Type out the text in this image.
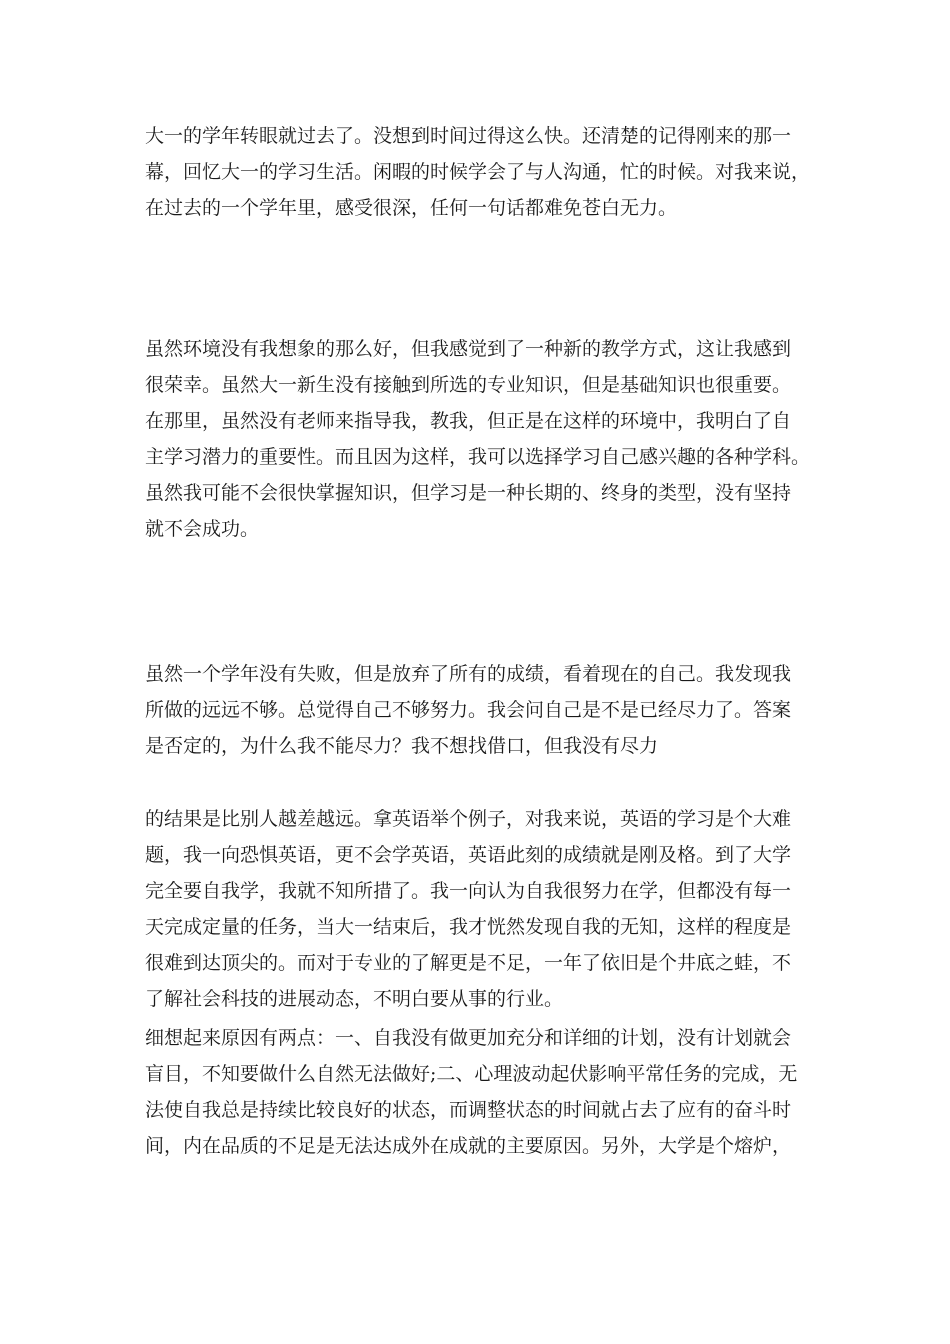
大一的学年转眼就过去了。没想到时间过得这么快。还清楚的记得刚来的那一
幕，回忆大一的学习生活。闲暇的时候学会了与人沟通，忙的时候。对我来说，
在过去的一个学年里，感受很深，任何一句话都难免苍白无力。

虽然环境没有我想象的那么好，但我感觉到了一种新的教学方式，这让我感到
很荣幸。虽然大一新生没有接触到所选的专业知识，但是基础知识也很重要。
在那里，虽然没有老师来指导我，教我，但正是在这样的环境中，我明白了自
主学习潜力的重要性。而且因为这样，我可以选择学习自己感兴趣的各种学科。
虽然我可能不会很快掌握知识，但学习是一种长期的、终身的类型，没有坚持
就不会成功。

虽然一个学年没有失败，但是放弃了所有的成绩，看着现在的自己。我发现我
所做的远远不够。总觉得自己不够努力。我会问自己是不是已经尽力了。答案
是否定的，为什么我不能尽力？我不想找借口，但我没有尽力

的结果是比别人越差越远。拿英语举个例子，对我来说，英语的学习是个大难
题，我一向恐惧英语，更不会学英语，英语此刻的成绩就是刚及格。到了大学
完全要自我学，我就不知所措了。我一向认为自我很努力在学，但都没有每一
天完成定量的任务，当大一结束后，我才恍然发现自我的无知，这样的程度是
很难到达顶尖的。而对于专业的了解更是不足，一年了依旧是个井底之蛙，不
了解社会科技的进展动态，不明白要从事的行业。

细想起来原因有两点：一、自我没有做更加充分和详细的计划，没有计划就会
盲目，不知要做什么自然无法做好;二、心理波动起伏影响平常任务的完成，无
法使自我总是持续比较良好的状态，而调整状态的时间就占去了应有的奋斗时
间，内在品质的不足是无法达成外在成就的主要原因。另外，大学是个熔炉，
